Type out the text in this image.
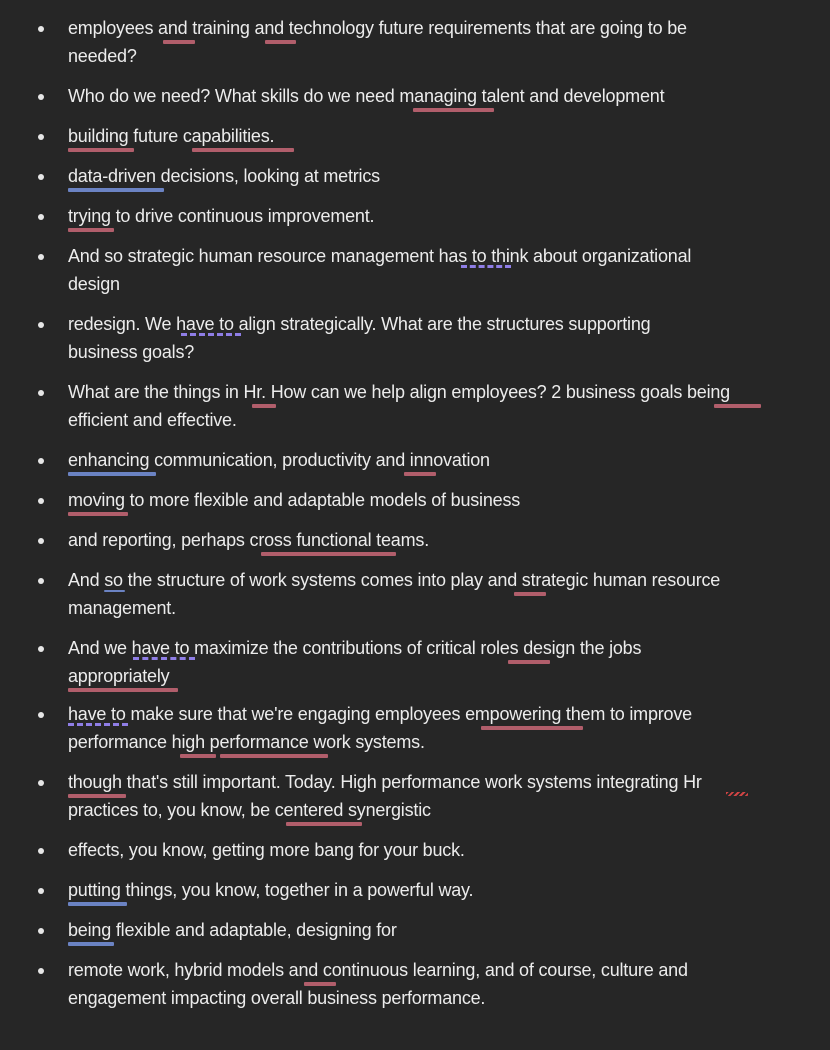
employees and training and technology future requirements that are going to be
needed?
Who do we need? What skills do we need managing talent and development
building future capabilities.
data-driven decisions, looking at metrics
trying to drive continuous improvement.
And so strategic human resource management has to think about organizational
design
redesign. We have to align strategically. What are the structures supporting
business goals?
What are the things in Hr. How can we help align employees? 2 business goals being
efficient and effective.
enhancing communication, productivity and innovation
moving to more flexible and adaptable models of business
and reporting, perhaps cross functional teams.
And so the structure of work systems comes into play and strategic human resource
management.
And we have to maximize the contributions of critical roles design the jobs
appropriately
have to make sure that we're engaging employees empowering them to improve
performance high performance work systems.
though that's still important. Today. High performance work systems integrating Hr
practices to, you know, be centered synergistic
effects, you know, getting more bang for your buck.
putting things, you know, together in a powerful way.
being flexible and adaptable, designing for
remote work, hybrid models and continuous learning, and of course, culture and
engagement impacting overall business performance.
